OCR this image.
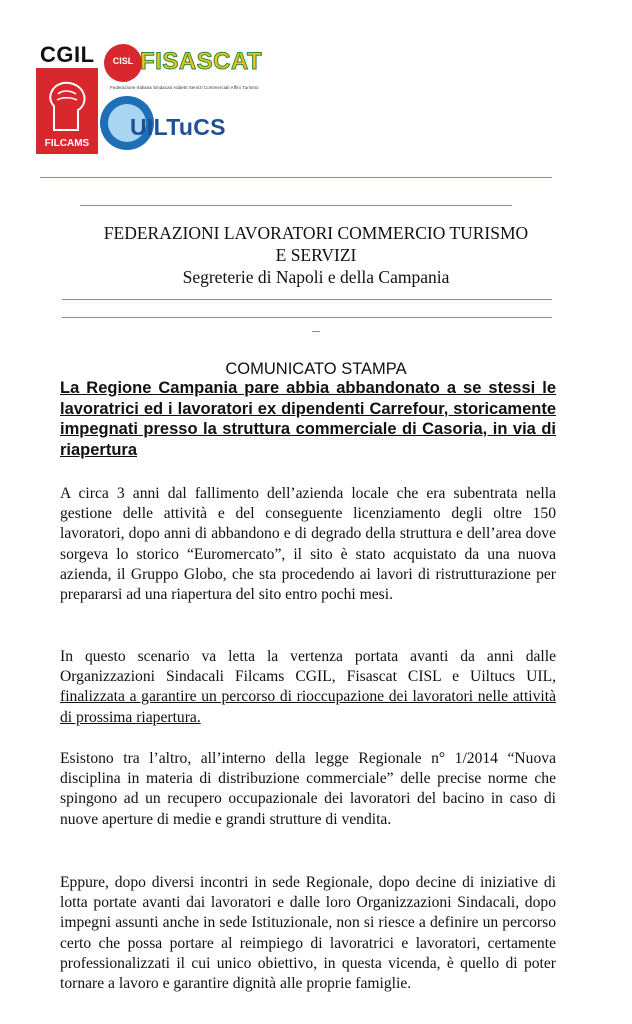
CGIL
FILCAMS
CISL FISASCAT
Federazione Italiana Sindacati Addetti Servizi Commerciali Affini Turismo
UILTuCS
FEDERAZIONI LAVORATORI COMMERCIO TURISMO
E SERVIZI
Segreterie di Napoli e della Campania
COMUNICATO STAMPA
La Regione Campania pare abbia abbandonato a se stessi le lavoratrici ed i lavoratori ex dipendenti Carrefour, storicamente impegnati presso la struttura commerciale di Casoria, in via di riapertura
A circa 3 anni dal fallimento dell’azienda locale che era subentrata nella gestione delle attività e del conseguente licenziamento degli oltre 150 lavoratori, dopo anni di abbandono e di degrado della struttura e dell’area dove sorgeva lo storico “Euromercato”, il sito è stato acquistato da una nuova azienda, il Gruppo Globo, che sta procedendo ai lavori di ristrutturazione per prepararsi ad una riapertura del sito entro pochi mesi.
In questo scenario va letta la vertenza portata avanti da anni dalle Organizzazioni Sindacali Filcams CGIL, Fisascat CISL e Uiltucs UIL, finalizzata a garantire un percorso di rioccupazione dei lavoratori nelle attività di prossima riapertura.
Esistono tra l’altro, all’interno della legge Regionale n° 1/2014 “Nuova disciplina in materia di distribuzione commerciale” delle precise norme che spingono ad un recupero occupazionale dei lavoratori del bacino in caso di nuove aperture di medie e grandi strutture di vendita.
Eppure, dopo diversi incontri in sede Regionale, dopo decine di iniziative di lotta portate avanti dai lavoratori e dalle loro Organizzazioni Sindacali, dopo impegni assunti anche in sede Istituzionale, non si riesce a definire un percorso certo che possa portare al reimpiego di lavoratrici e lavoratori, certamente professionalizzati il cui unico obiettivo, in questa vicenda, è quello di poter tornare a lavoro e garantire dignità alle proprie famiglie.
